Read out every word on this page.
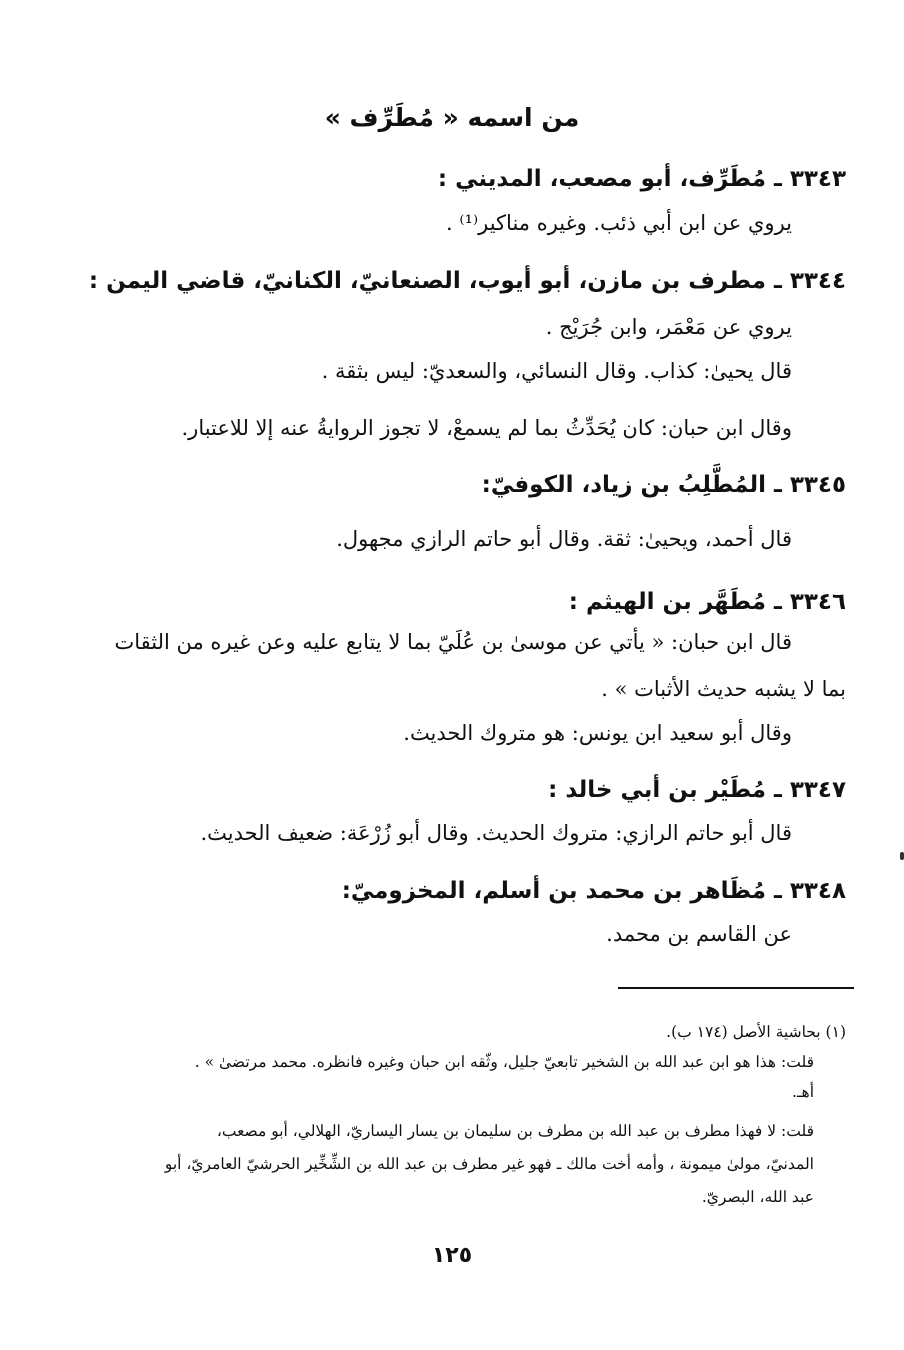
من اسمه « مُطَرِّف »
٣٣٤٣ ـ مُطَرِّف، أبو مصعب، المديني :
يروي عن ابن أبي ذئب. وغيره مناكير⁽¹⁾ .
٣٣٤٤ ـ مطرف بن مازن، أبو أيوب، الصنعانيّ، الكنانيّ، قاضي اليمن :
يروي عن مَعْمَر، وابن جُرَيْج .
قال يحيىٰ: كذاب. وقال النسائي، والسعديّ: ليس بثقة .
وقال ابن حبان: كان يُحَدِّثُ بما لم يسمعْ، لا تجوز الروايةُ عنه إلا للاعتبار.
٣٣٤٥ ـ المُطَّلِبُ بن زياد، الكوفيّ:
قال أحمد، ويحيىٰ: ثقة. وقال أبو حاتم الرازي مجهول.
٣٣٤٦ ـ مُطَهَّر بن الهيثم :
قال ابن حبان: « يأتي عن موسىٰ بن عُلَيّ بما لا يتابع عليه وعن غيره من الثقات
بما لا يشبه حديث الأثبات » .
وقال أبو سعيد ابن يونس: هو متروك الحديث.
٣٣٤٧ ـ مُطَيْر بن أبي خالد :
قال أبو حاتم الرازي: متروك الحديث. وقال أبو زُرْعَة: ضعيف الحديث.
٣٣٤٨ ـ مُظَاهر بن محمد بن أسلم، المخزوميّ:
عن القاسم بن محمد.
(١) بحاشية الأصل (١٧٤ ب).
قلت: هذا هو ابن عبد الله بن الشخير تابعيّ جليل، وثّقه ابن حبان وغيره فانظره. محمد مرتضىٰ » .
أهـ.
قلت: لا فهذا مطرف بن عبد الله بن مطرف بن سليمان بن يسار اليساريّ، الهلالي، أبو مصعب،
المدنيّ، مولىٰ ميمونة ، وأمه أخت مالك ـ فهو غير مطرف بن عبد الله بن الشِّخِّير الحرشيّ العامريّ، أبو
عبد الله، البصريّ.
١٢٥
